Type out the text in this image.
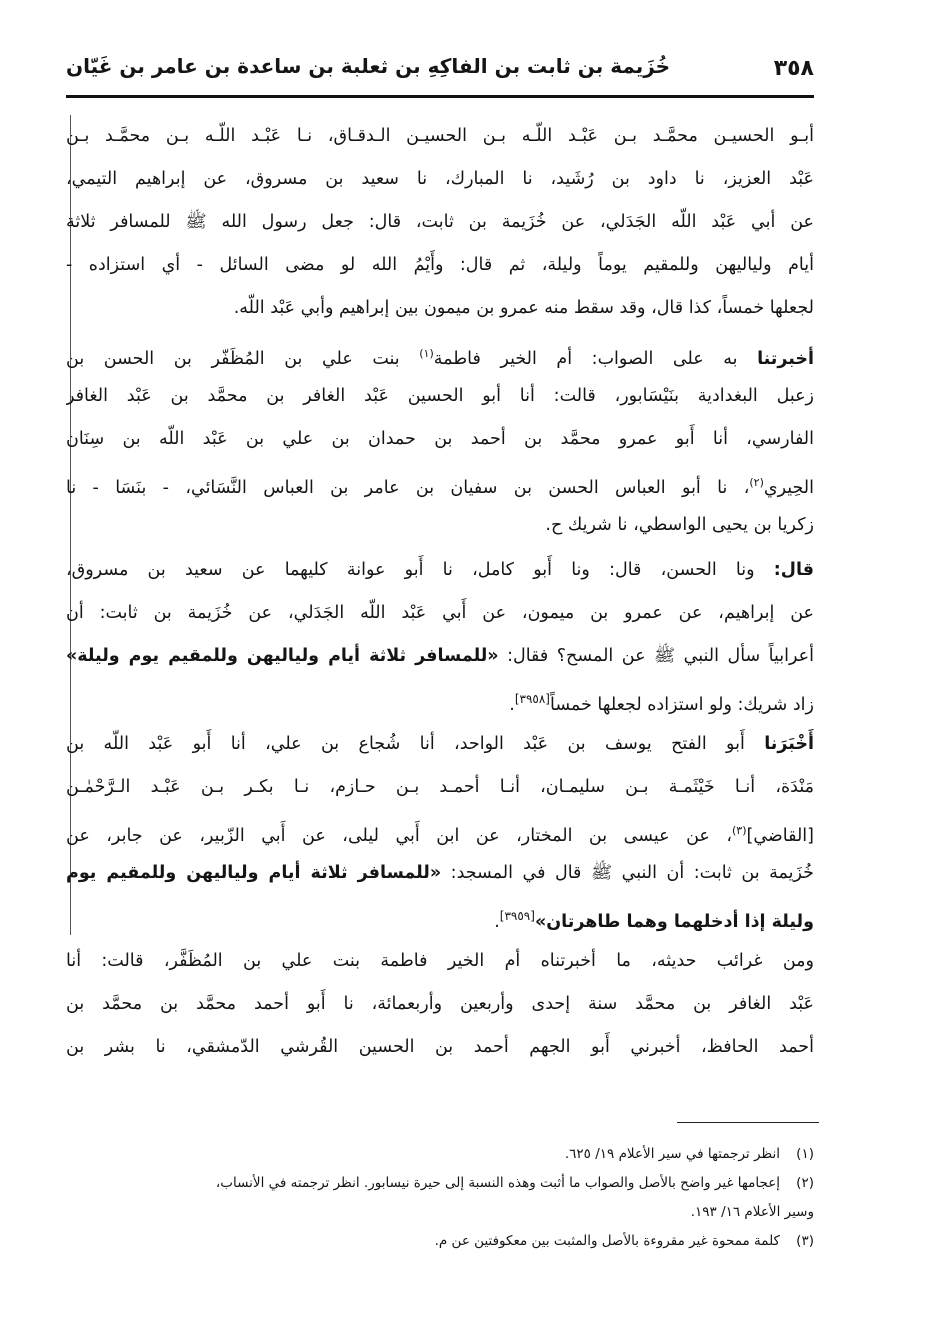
٣٥٨
خُزَيمة بن ثابت بن الفاكِهِ بن ثعلبة بن ساعدة بن عامر بن غَيّان
أبـو الحسيـن محمَّـد بـن عَبْـد اللّـه بـن الحسيـن الـدقـاق، نـا عَبْـد اللّـه بـن محمَّـد بـن
عَبْد العزيز، نا داود بن رُشَيد، نا المبارك، نا سعيد بن مسروق، عن إبراهيم التيمي،
عن أبي عَبْد اللّه الجَدَلي، عن خُزَيمة بن ثابت، قال: جعل رسول الله ﷺ للمسافر ثلاثة
أيام ولياليهن وللمقيم يوماً وليلة، ثم قال: وأَيْمُ الله لو مضى السائل - أي استزاده -
لجعلها خمساً، كذا قال، وقد سقط منه عمرو بن ميمون بين إبراهيم وأبي عَبْد اللّه.
أخبرتنا به على الصواب: أم الخير فاطمة$^{(١)}$ بنت علي بن المُظَفّر بن الحسن بن
زعبل البغدادية بنَيْسَابور، قالت: أنا أبو الحسين عَبْد الغافر بن محمَّد بن عَبْد الغافر
الفارسي، أنا أَبو عمرو محمَّد بن أحمد بن حمدان بن علي بن عَبْد اللّه بن سِنَان
الحِيري$^{(٢)}$، نا أبو العباس الحسن بن سفيان بن عامر بن العباس النَّسَائي، - بنَسَا - نا
زكريا بن يحيى الواسطي، نا شريك ح.
قال: ونا الحسن، قال: ونا أَبو كامل، نا أَبو عوانة كليهما عن سعيد بن مسروق،
عن إبراهيم، عن عمرو بن ميمون، عن أَبي عَبْد اللّه الجَدَلي، عن خُزَيمة بن ثابت: أن
أعرابياً سأل النبي ﷺ عن المسح؟ فقال: «للمسافر ثلاثة أيام ولياليهن وللمقيم يوم وليلة»
زاد شريك: ولو استزاده لجعلها خمساً[٣٩٥٨].
أَخْبَرَنا أَبو الفتح يوسف بن عَبْد الواحد، أنا شُجاع بن علي، أنا أَبو عَبْد اللّه بن
مَنْدَة، أنـا خَيْثَمـة بـن سليمـان، أنـا أحمـد بـن حـازم، نـا بكـر بـن عَبْـد الـرَّحْمٰـن
[القاضي]$^{(٣)}$، عن عيسى بن المختار، عن ابن أَبي ليلى، عن أَبي الزّبير، عن جابر، عن
خُزَيمة بن ثابت: أن النبي ﷺ قال في المسجد: «للمسافر ثلاثة أيام ولياليهن وللمقيم يوم
وليلة إذا أدخلهما وهما طاهرتان»[٣٩٥٩].
ومن غرائب حديثه، ما أخبرتناه أم الخير فاطمة بنت علي بن المُظَفَّر، قالت: أنا
عَبْد الغافر بن محمَّد سنة إحدى وأربعين وأربعمائة، نا أَبو أحمد محمَّد بن محمَّد بن
أحمد الحافظ، أخبرني أَبو الجهم أحمد بن الحسين القُرشي الدّمشقي، نا بشر بن
(١)انظر ترجمتها في سير الأعلام ١٩/ ٦٢٥.
(٢)إعجامها غير واضح بالأصل والصواب ما أثبت وهذه النسبة إلى حيرة نيسابور. انظر ترجمته في الأنساب،
وسير الأعلام ١٦/ ١٩٣.
(٣)كلمة ممحوة غير مقروءة بالأصل والمثبت بين معكوفتين عن م.
